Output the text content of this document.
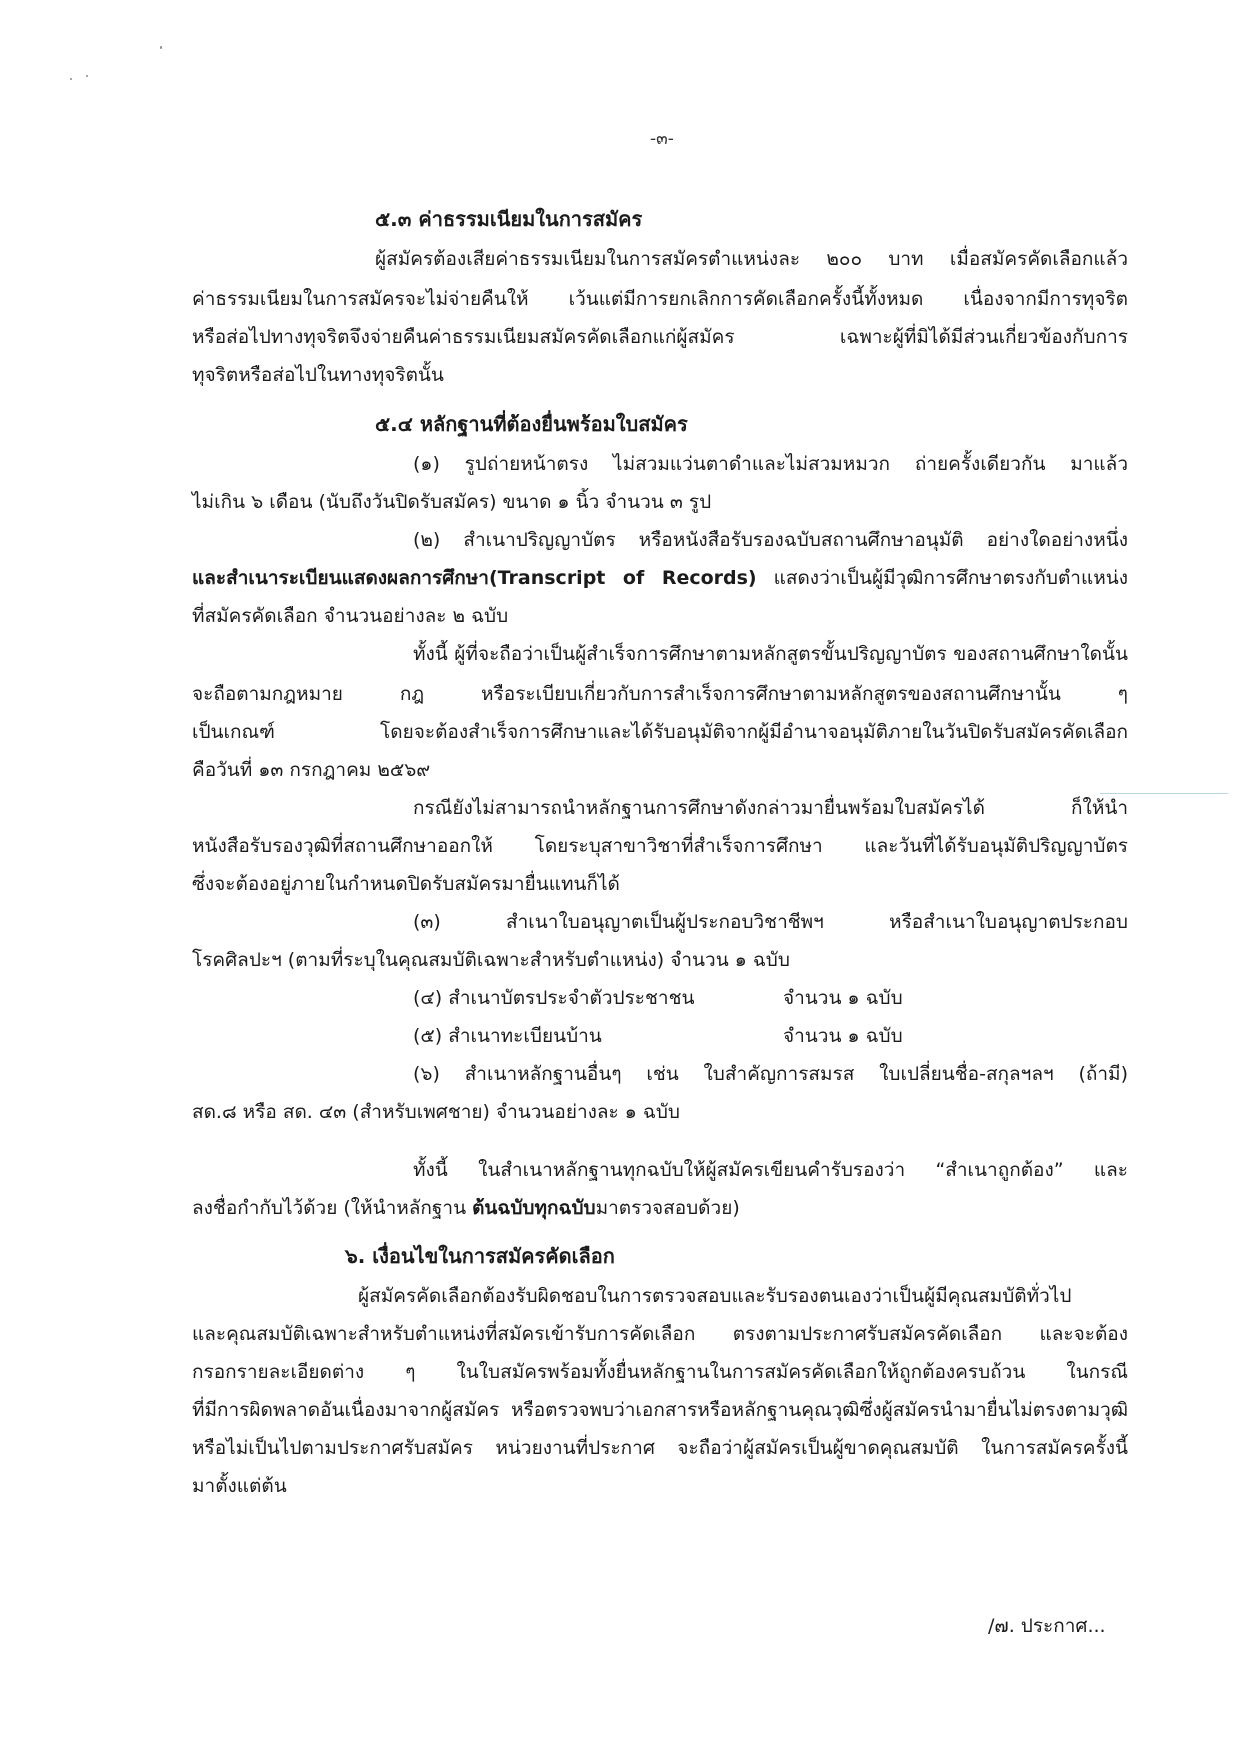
-๓-
๕.๓ ค่าธรรมเนียมในการสมัคร
ผู้สมัครต้องเสียค่าธรรมเนียมในการสมัครตำแหน่งละ ๒๐๐ บาท เมื่อสมัครคัดเลือกแล้ว
ค่าธรรมเนียมในการสมัครจะไม่จ่ายคืนให้ เว้นแต่มีการยกเลิกการคัดเลือกครั้งนี้ทั้งหมด เนื่องจากมีการทุจริต
หรือส่อไปทางทุจริตจึงจ่ายคืนค่าธรรมเนียมสมัครคัดเลือกแก่ผู้สมัคร เฉพาะผู้ที่มิได้มีส่วนเกี่ยวข้องกับการ
ทุจริตหรือส่อไปในทางทุจริตนั้น
๕.๔ หลักฐานที่ต้องยื่นพร้อมใบสมัคร
(๑) รูปถ่ายหน้าตรง ไม่สวมแว่นตาดำและไม่สวมหมวก ถ่ายครั้งเดียวกัน มาแล้ว
ไม่เกิน ๖ เดือน (นับถึงวันปิดรับสมัคร) ขนาด ๑ นิ้ว จำนวน ๓ รูป
(๒) สำเนาปริญญาบัตร หรือหนังสือรับรองฉบับสถานศึกษาอนุมัติ อย่างใดอย่างหนึ่ง
และสำเนาระเบียนแสดงผลการศึกษา(Transcript of Records) แสดงว่าเป็นผู้มีวุฒิการศึกษาตรงกับตำแหน่ง
ที่สมัครคัดเลือก จำนวนอย่างละ ๒ ฉบับ
ทั้งนี้ ผู้ที่จะถือว่าเป็นผู้สำเร็จการศึกษาตามหลักสูตรขั้นปริญญาบัตร ของสถานศึกษาใดนั้น
จะถือตามกฎหมาย กฎ หรือระเบียบเกี่ยวกับการสำเร็จการศึกษาตามหลักสูตรของสถานศึกษานั้น ๆ
เป็นเกณฑ์ โดยจะต้องสำเร็จการศึกษาและได้รับอนุมัติจากผู้มีอำนาจอนุมัติภายในวันปิดรับสมัครคัดเลือก
คือวันที่ ๑๓ กรกฎาคม ๒๕๖๙
กรณียังไม่สามารถนำหลักฐานการศึกษาดังกล่าวมายื่นพร้อมใบสมัครได้ ก็ให้นำ
หนังสือรับรองวุฒิที่สถานศึกษาออกให้ โดยระบุสาขาวิชาที่สำเร็จการศึกษา และวันที่ได้รับอนุมัติปริญญาบัตร
ซึ่งจะต้องอยู่ภายในกำหนดปิดรับสมัครมายื่นแทนก็ได้
(๓) สำเนาใบอนุญาตเป็นผู้ประกอบวิชาชีพฯ หรือสำเนาใบอนุญาตประกอบ
โรคศิลปะฯ (ตามที่ระบุในคุณสมบัติเฉพาะสำหรับตำแหน่ง) จำนวน ๑ ฉบับ
(๔) สำเนาบัตรประจำตัวประชาชน	จำนวน ๑ ฉบับ
(๕) สำเนาทะเบียนบ้าน	จำนวน ๑ ฉบับ
(๖) สำเนาหลักฐานอื่นๆ เช่น ใบสำคัญการสมรส ใบเปลี่ยนชื่อ-สกุลฯลฯ (ถ้ามี)
สด.๘ หรือ สด. ๔๓ (สำหรับเพศชาย) จำนวนอย่างละ ๑ ฉบับ
ทั้งนี้ ในสำเนาหลักฐานทุกฉบับให้ผู้สมัครเขียนคำรับรองว่า “สำเนาถูกต้อง” และ
ลงชื่อกำกับไว้ด้วย (ให้นำหลักฐาน ต้นฉบับทุกฉบับมาตรวจสอบด้วย)
๖. เงื่อนไขในการสมัครคัดเลือก
ผู้สมัครคัดเลือกต้องรับผิดชอบในการตรวจสอบและรับรองตนเองว่าเป็นผู้มีคุณสมบัติทั่วไป
และคุณสมบัติเฉพาะสำหรับตำแหน่งที่สมัครเข้ารับการคัดเลือก ตรงตามประกาศรับสมัครคัดเลือก และจะต้อง
กรอกรายละเอียดต่าง ๆ ในใบสมัครพร้อมทั้งยื่นหลักฐานในการสมัครคัดเลือกให้ถูกต้องครบถ้วน ในกรณี
ที่มีการผิดพลาดอันเนื่องมาจากผู้สมัคร หรือตรวจพบว่าเอกสารหรือหลักฐานคุณวุฒิซึ่งผู้สมัครนำมายื่นไม่ตรงตามวุฒิ
หรือไม่เป็นไปตามประกาศรับสมัคร หน่วยงานที่ประกาศ จะถือว่าผู้สมัครเป็นผู้ขาดคุณสมบัติ ในการสมัครครั้งนี้
มาตั้งแต่ต้น
/๗. ประกาศ...
